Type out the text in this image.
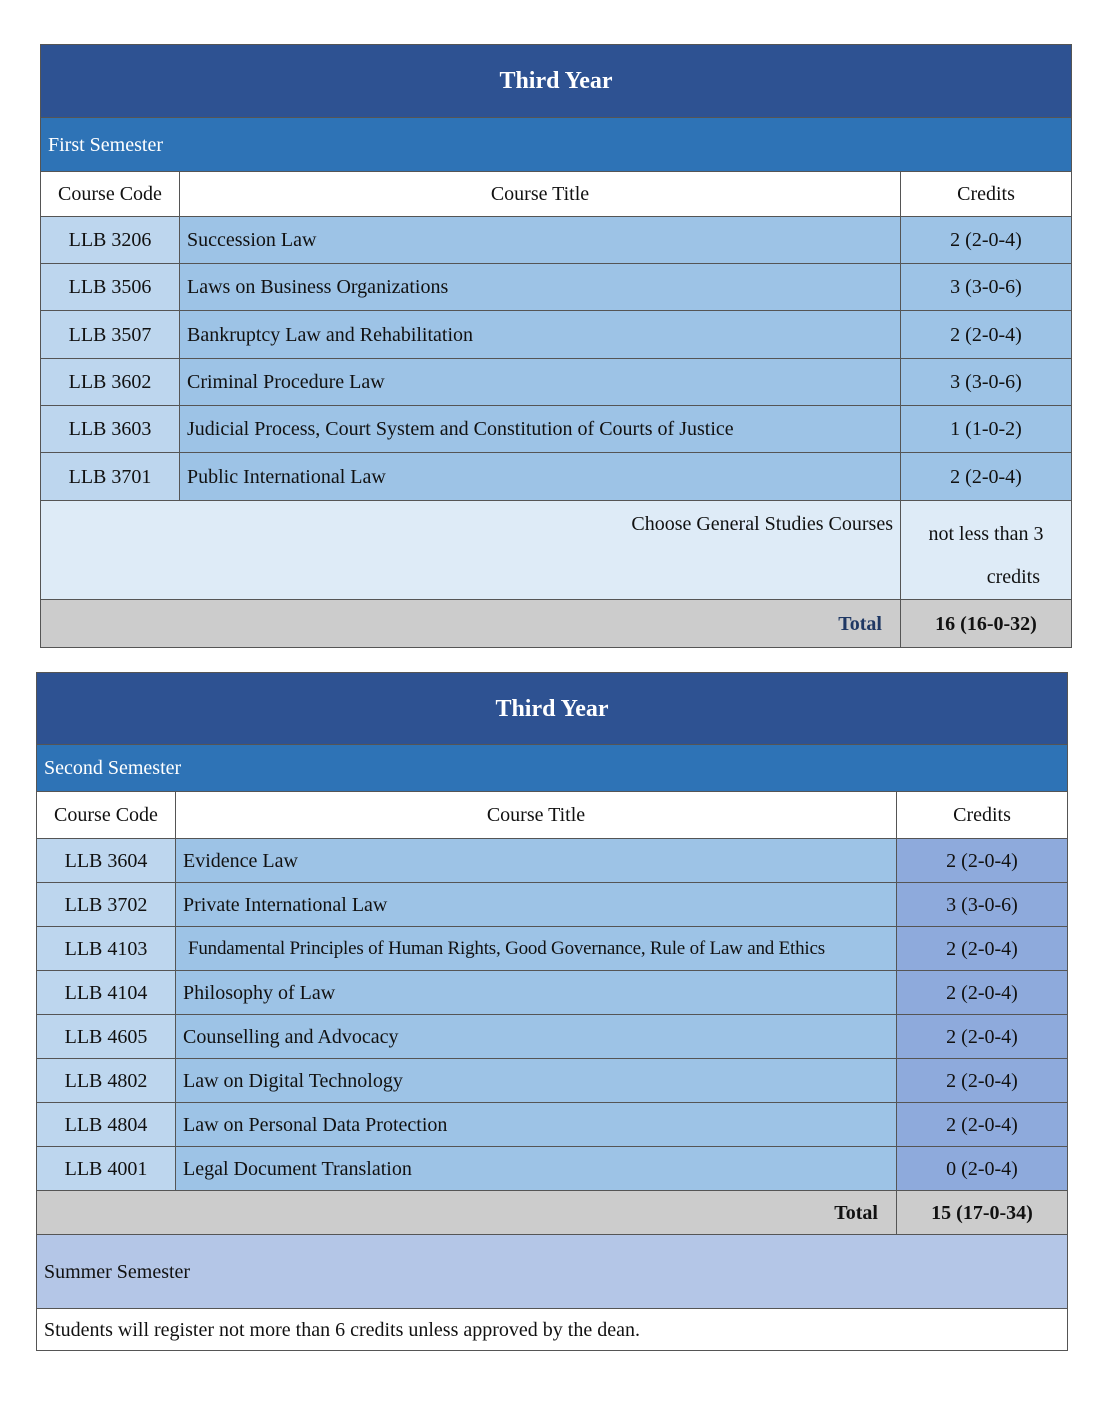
Third Year		
First Semester		
Course Code	Course Title	Credits
LLB 3206	Succession Law	2 (2-0-4)
LLB 3506	Laws on Business Organizations	3 (3-0-6)
LLB 3507	Bankruptcy Law and Rehabilitation	2 (2-0-4)
LLB 3602	Criminal Procedure Law	3 (3-0-6)
LLB 3603	Judicial Process, Court System and Constitution of Courts of Justice	1 (1-0-2)
LLB 3701	Public International Law	2 (2-0-4)
Choose General Studies Courses		not less than 3
credits

Total		16 (16-0-32)
Third Year		
Second Semester		
Course Code	Course Title	Credits
LLB 3604	Evidence Law	2 (2-0-4)
LLB 3702	Private International Law	3 (3-0-6)
LLB 4103	Fundamental Principles of Human Rights, Good Governance, Rule of Law and Ethics	2 (2-0-4)
LLB 4104	Philosophy of Law	2 (2-0-4)
LLB 4605	Counselling and Advocacy	2 (2-0-4)
LLB 4802	Law on Digital Technology	2 (2-0-4)
LLB 4804	Law on Personal Data Protection	2 (2-0-4)
LLB 4001	Legal Document Translation	0 (2-0-4)
Total		15 (17-0-34)
Summer Semester		
Students will register not more than 6 credits unless approved by the dean.		
